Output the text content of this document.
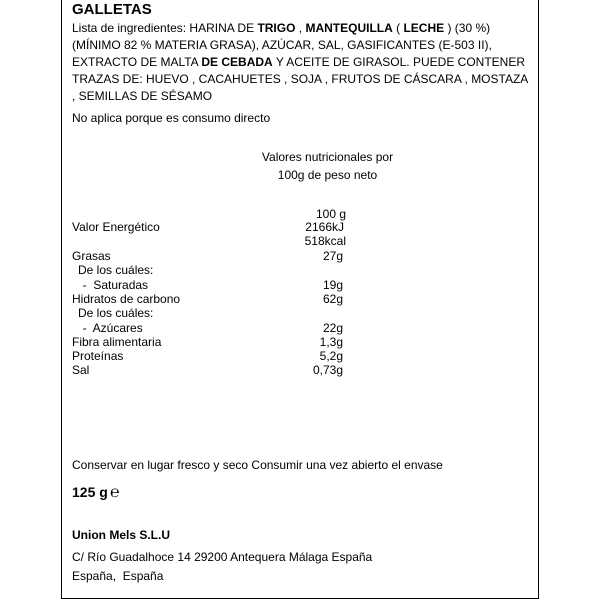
GALLETAS
Lista de ingredientes: HARINA DE TRIGO , MANTEQUILLA ( LECHE ) (30 %) (MÍNIMO 82 % MATERIA GRASA), AZÚCAR, SAL, GASIFICANTES (E-503 II), EXTRACTO DE MALTA DE CEBADA Y ACEITE DE GIRASOL. PUEDE CONTENER TRAZAS DE: HUEVO , CACAHUETES , SOJA , FRUTOS DE CÁSCARA , MOSTAZA , SEMILLAS DE SÉSAMO
No aplica porque es consumo directo
Valores nutricionales por
100g de peso neto
100 g
Valor Energético	2166kJ
518kcal
Grasas	27g
De los cuáles:
-  Saturadas	19g
Hidratos de carbono	62g
De los cuáles:
-  Azúcares	22g
Fibra alimentaria	1,3g
Proteínas	5,2g
Sal	0,73g
Conservar en lugar fresco y seco Consumir una vez abierto el envase
125 g ℮
Union Mels S.L.U
C/ Río Guadalhoce 14 29200 Antequera Málaga España
España,  España
